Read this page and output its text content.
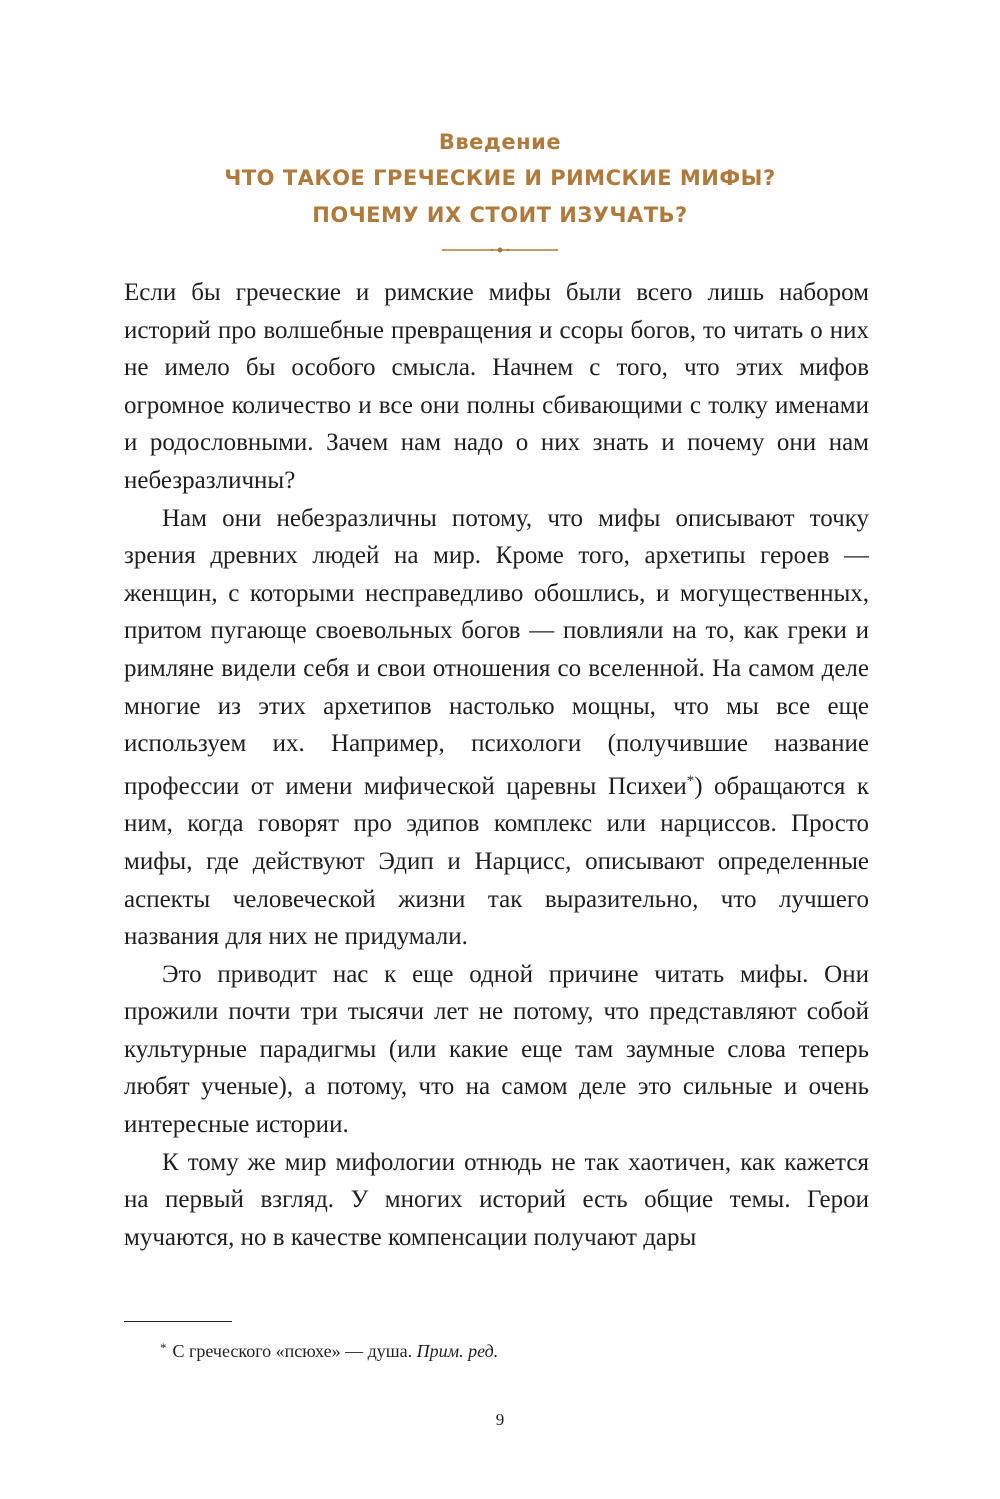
Введение
ЧТО ТАКОЕ ГРЕЧЕСКИЕ И РИМСКИЕ МИФЫ?
ПОЧЕМУ ИХ СТОИТ ИЗУЧАТЬ?

Если бы греческие и римские мифы были всего лишь набором историй про волшебные превращения и ссоры богов, то читать о них не имело бы особого смысла. Начнем с того, что этих мифов огромное количество и все они полны сбивающими с толку именами и родословными. Зачем нам надо о них знать и почему они нам небезразличны?

Нам они небезразличны потому, что мифы описывают точку зрения древних людей на мир. Кроме того, архетипы героев — женщин, с которыми несправедливо обошлись, и могущественных, притом пугающе своевольных богов — повлияли на то, как греки и римляне видели себя и свои отношения со вселенной. На самом деле многие из этих архетипов настолько мощны, что мы все еще используем их. Например, психологи (получившие название профессии от имени мифической царевны Психеи*) обращаются к ним, когда говорят про эдипов комплекс или нарциссов. Просто мифы, где действуют Эдип и Нарцисс, описывают определенные аспекты человеческой жизни так выразительно, что лучшего названия для них не придумали.

Это приводит нас к еще одной причине читать мифы. Они прожили почти три тысячи лет не потому, что представляют собой культурные парадигмы (или какие еще там заумные слова теперь любят ученые), а потому, что на самом деле это сильные и очень интересные истории.

К тому же мир мифологии отнюдь не так хаотичен, как кажется на первый взгляд. У многих историй есть общие темы. Герои мучаются, но в качестве компенсации получают дары

* С греческого «псюхе» — душа. Прим. ред.
9
